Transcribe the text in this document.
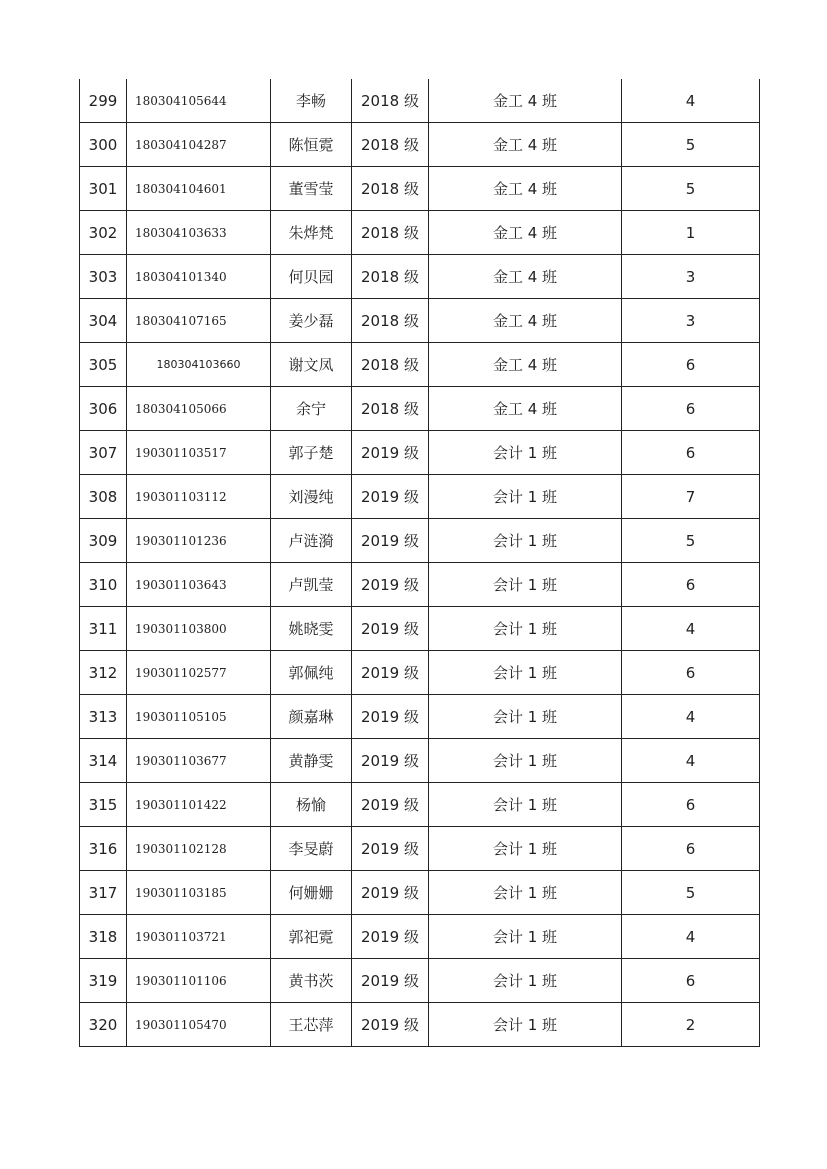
299	180304105644	李畅	2018 级	金工 4 班	4
300	180304104287	陈恒霓	2018 级	金工 4 班	5
301	180304104601	董雪莹	2018 级	金工 4 班	5
302	180304103633	朱烨梵	2018 级	金工 4 班	1
303	180304101340	何贝园	2018 级	金工 4 班	3
304	180304107165	姜少磊	2018 级	金工 4 班	3
305	180304103660	谢文凤	2018 级	金工 4 班	6
306	180304105066	余宁	2018 级	金工 4 班	6
307	190301103517	郭子楚	2019 级	会计 1 班	6
308	190301103112	刘漫纯	2019 级	会计 1 班	7
309	190301101236	卢涟漪	2019 级	会计 1 班	5
310	190301103643	卢凯莹	2019 级	会计 1 班	6
311	190301103800	姚晓雯	2019 级	会计 1 班	4
312	190301102577	郭佩纯	2019 级	会计 1 班	6
313	190301105105	颜嘉琳	2019 级	会计 1 班	4
314	190301103677	黄静雯	2019 级	会计 1 班	4
315	190301101422	杨愉	2019 级	会计 1 班	6
316	190301102128	李旻蔚	2019 级	会计 1 班	6
317	190301103185	何姗姗	2019 级	会计 1 班	5
318	190301103721	郭祀霓	2019 级	会计 1 班	4
319	190301101106	黄书茨	2019 级	会计 1 班	6
320	190301105470	王芯萍	2019 级	会计 1 班	2
